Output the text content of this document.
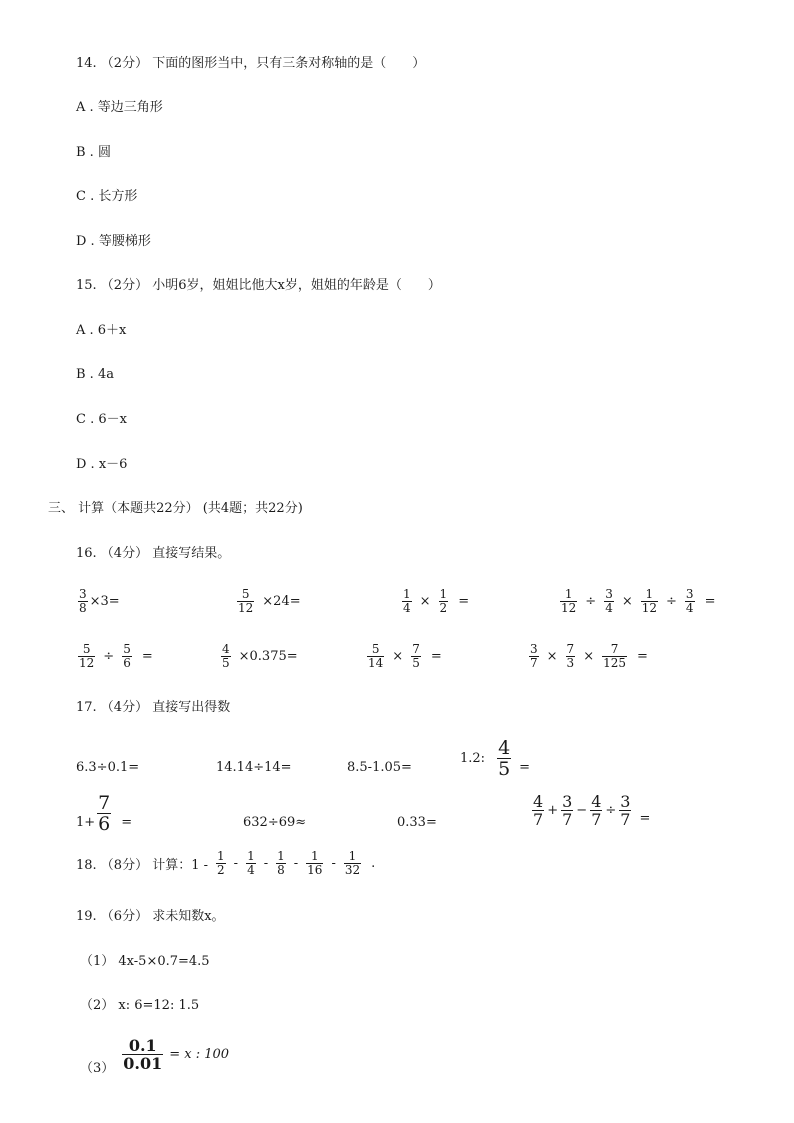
14. （2分） 下面的图形当中，只有三条对称轴的是（　　）
A . 等边三角形
B . 圆
C . 长方形
D . 等腰梯形
15. （2分） 小明6岁，姐姐比他大x岁，姐姐的年龄是（　　）
A . 6＋x
B . 4a
C . 6－x
D . x－6
三、 计算（本题共22分） (共4题；共22分)
16. （4分） 直接写结果。
$\frac{3}{8} \times 3=$	$\frac{5}{12} \times 24=$	$\frac{1}{4} \times \frac{1}{2}$ =	$\frac{1}{12} \div \frac{3}{4} \times \frac{1}{12} \div \frac{3}{4}$ =
$\frac{5}{12} \div \frac{5}{6}$ =	$\frac{4}{5} \times 0.375=$	$\frac{5}{14} \times \frac{7}{5}$ =	$\frac{3}{7} \times \frac{7}{3} \times \frac{7}{125}$ =
17. （4分） 直接写出得数
6.3÷0.1=	14.14÷14=	8.5-1.05=
1.2: $\frac{4}{5}$ =
$1+ \frac{7}{6}$ =	632÷69≈	0.33=	$\frac{4}{7} + \frac{3}{7} - \frac{4}{7} \div \frac{3}{7}$ =
18. （8分） 计算：$1 - \frac{1}{2} - \frac{1}{4} - \frac{1}{8} - \frac{1}{16} - \frac{1}{32}$ .
19. （6分） 求未知数x。
（1） 4x-5×0.7=4.5
（2） x: 6=12: 1.5
$(3) \frac{0.1}{0.01} = x$ : 100
